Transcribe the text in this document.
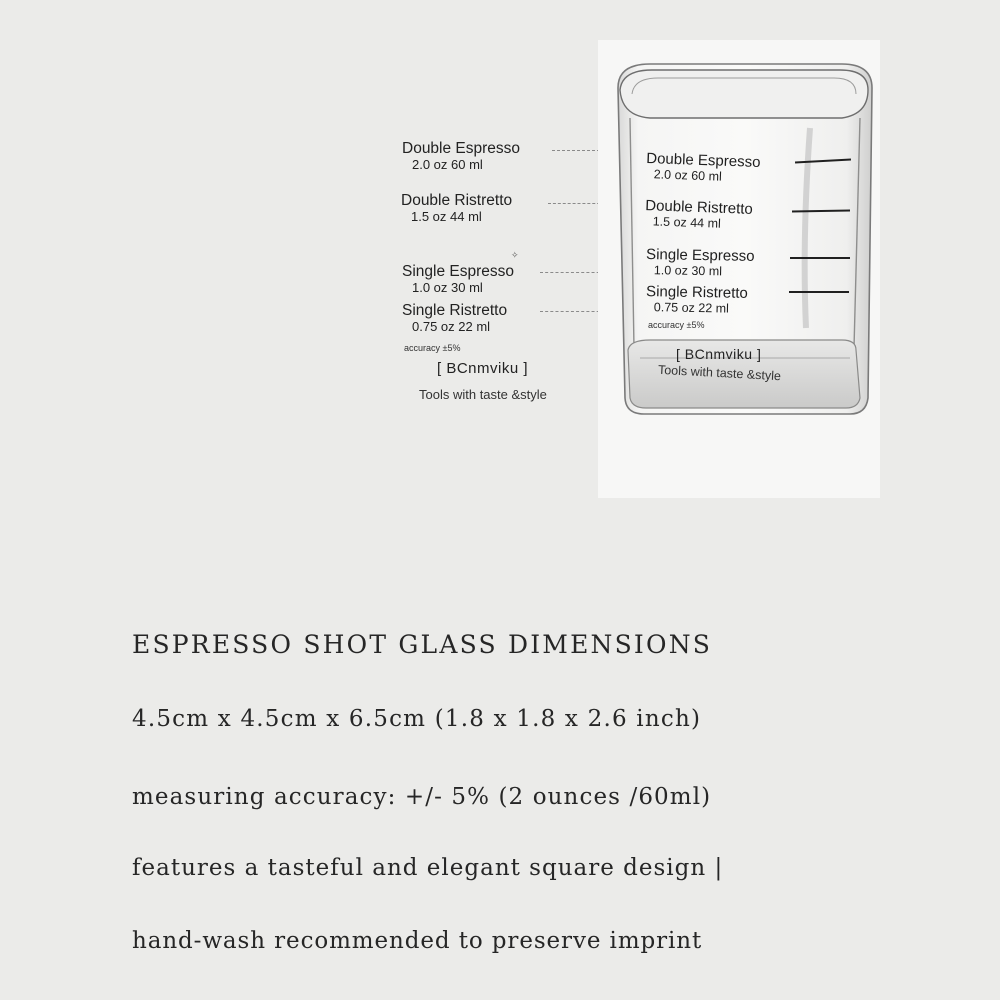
Double Espresso
2.0 oz 60 ml
Double Ristretto
1.5 oz 44 ml
✧
Single Espresso
1.0 oz 30 ml
Single Ristretto
0.75 oz 22 ml
accuracy ±5%
[ BCnmviku ]
Tools with taste &style
Double Espresso
2.0 oz 60 ml
Double Ristretto
1.5 oz 44 ml
Single Espresso
1.0 oz 30 ml
Single Ristretto
0.75 oz 22 ml
accuracy ±5%
[ BCnmviku ]
Tools with taste &style
ESPRESSO SHOT GLASS DIMENSIONS
4.5cm x 4.5cm x 6.5cm (1.8 x 1.8 x 2.6 inch)
measuring accuracy: +/- 5% (2 ounces /60ml)
features a tasteful and elegant square design |
hand-wash recommended to preserve imprint
